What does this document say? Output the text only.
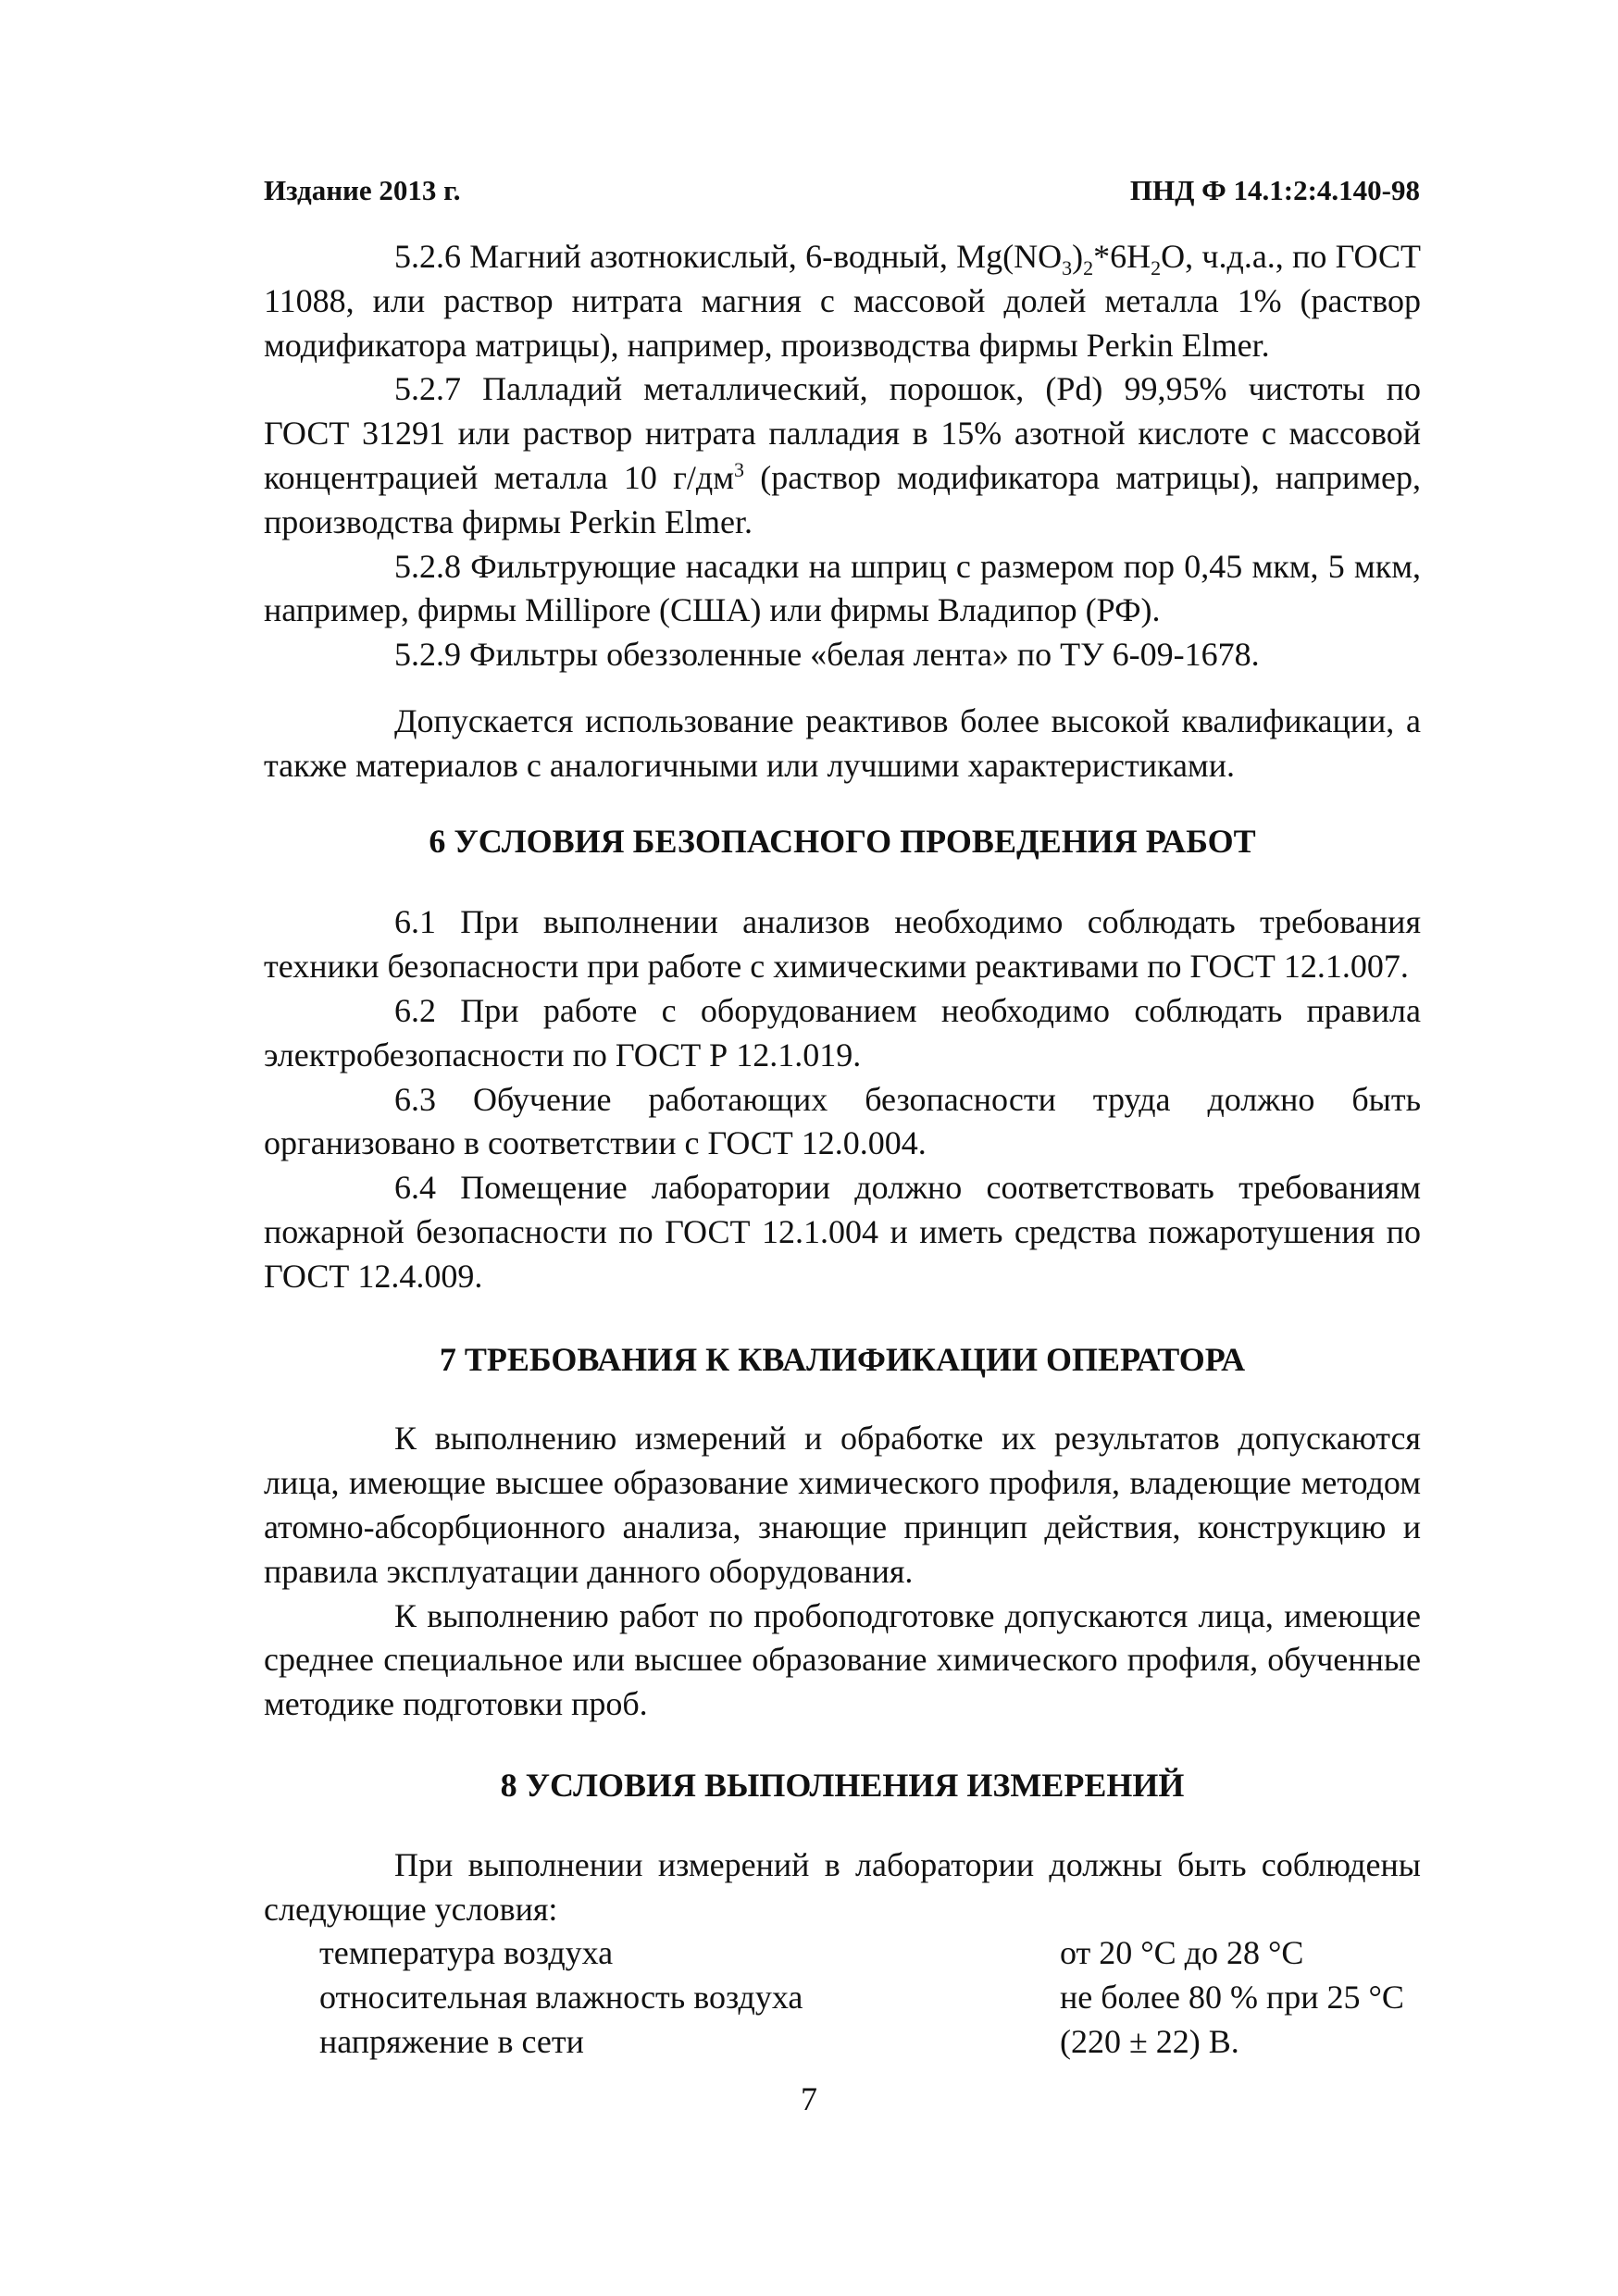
Издание 2013 г.	ПНД Ф 14.1:2:4.140-98

5.2.6 Магний азотнокислый, 6-водный, $Mg(NO_3)_2*6H_2O$, ч.д.а., по ГОСТ 11088, или раствор нитрата магния с массовой долей металла 1% (раствор модификатора матрицы), например, производства фирмы Perkin Elmer.

5.2.7 Палладий металлический, порошок, (Pd) 99,95% чистоты по ГОСТ 31291 или раствор нитрата палладия в 15% азотной кислоте с массовой концентрацией металла 10 $г/дм^3$ (раствор модификатора матрицы), например, производства фирмы Perkin Elmer.

5.2.8 Фильтрующие насадки на шприц с размером пор 0,45 мкм, 5 мкм, например, фирмы Millipore (США) или фирмы Владипор (РФ).

5.2.9 Фильтры обеззоленные «белая лента» по ТУ 6-09-1678.

Допускается использование реактивов более высокой квалификации, а также материалов с аналогичными или лучшими характеристиками.

6 УСЛОВИЯ БЕЗОПАСНОГО ПРОВЕДЕНИЯ РАБОТ

6.1 При выполнении анализов необходимо соблюдать требования техники безопасности при работе с химическими реактивами по ГОСТ 12.1.007.

6.2 При работе с оборудованием необходимо соблюдать правила электробезопасности по ГОСТ Р 12.1.019.

6.3 Обучение работающих безопасности труда должно быть организовано в соответствии с ГОСТ 12.0.004.

6.4 Помещение лаборатории должно соответствовать требованиям пожарной безопасности по ГОСТ 12.1.004 и иметь средства пожаротушения по ГОСТ 12.4.009.

7 ТРЕБОВАНИЯ К КВАЛИФИКАЦИИ ОПЕРАТОРА

К выполнению измерений и обработке их результатов допускаются лица, имеющие высшее образование химического профиля, владеющие методом атомно-абсорбционного анализа, знающие принцип действия, конструкцию и правила эксплуатации данного оборудования.

К выполнению работ по пробоподготовке допускаются лица, имеющие среднее специальное или высшее образование химического профиля, обученные методике подготовки проб.

8 УСЛОВИЯ ВЫПОЛНЕНИЯ ИЗМЕРЕНИЙ

При выполнении измерений в лаборатории должны быть соблюдены следующие условия:

температура воздуха	от 20 °С до 28 °С
относительная влажность воздуха	не более 80 % при 25 °С
напряжение в сети	(220 ± 22) В.
7
